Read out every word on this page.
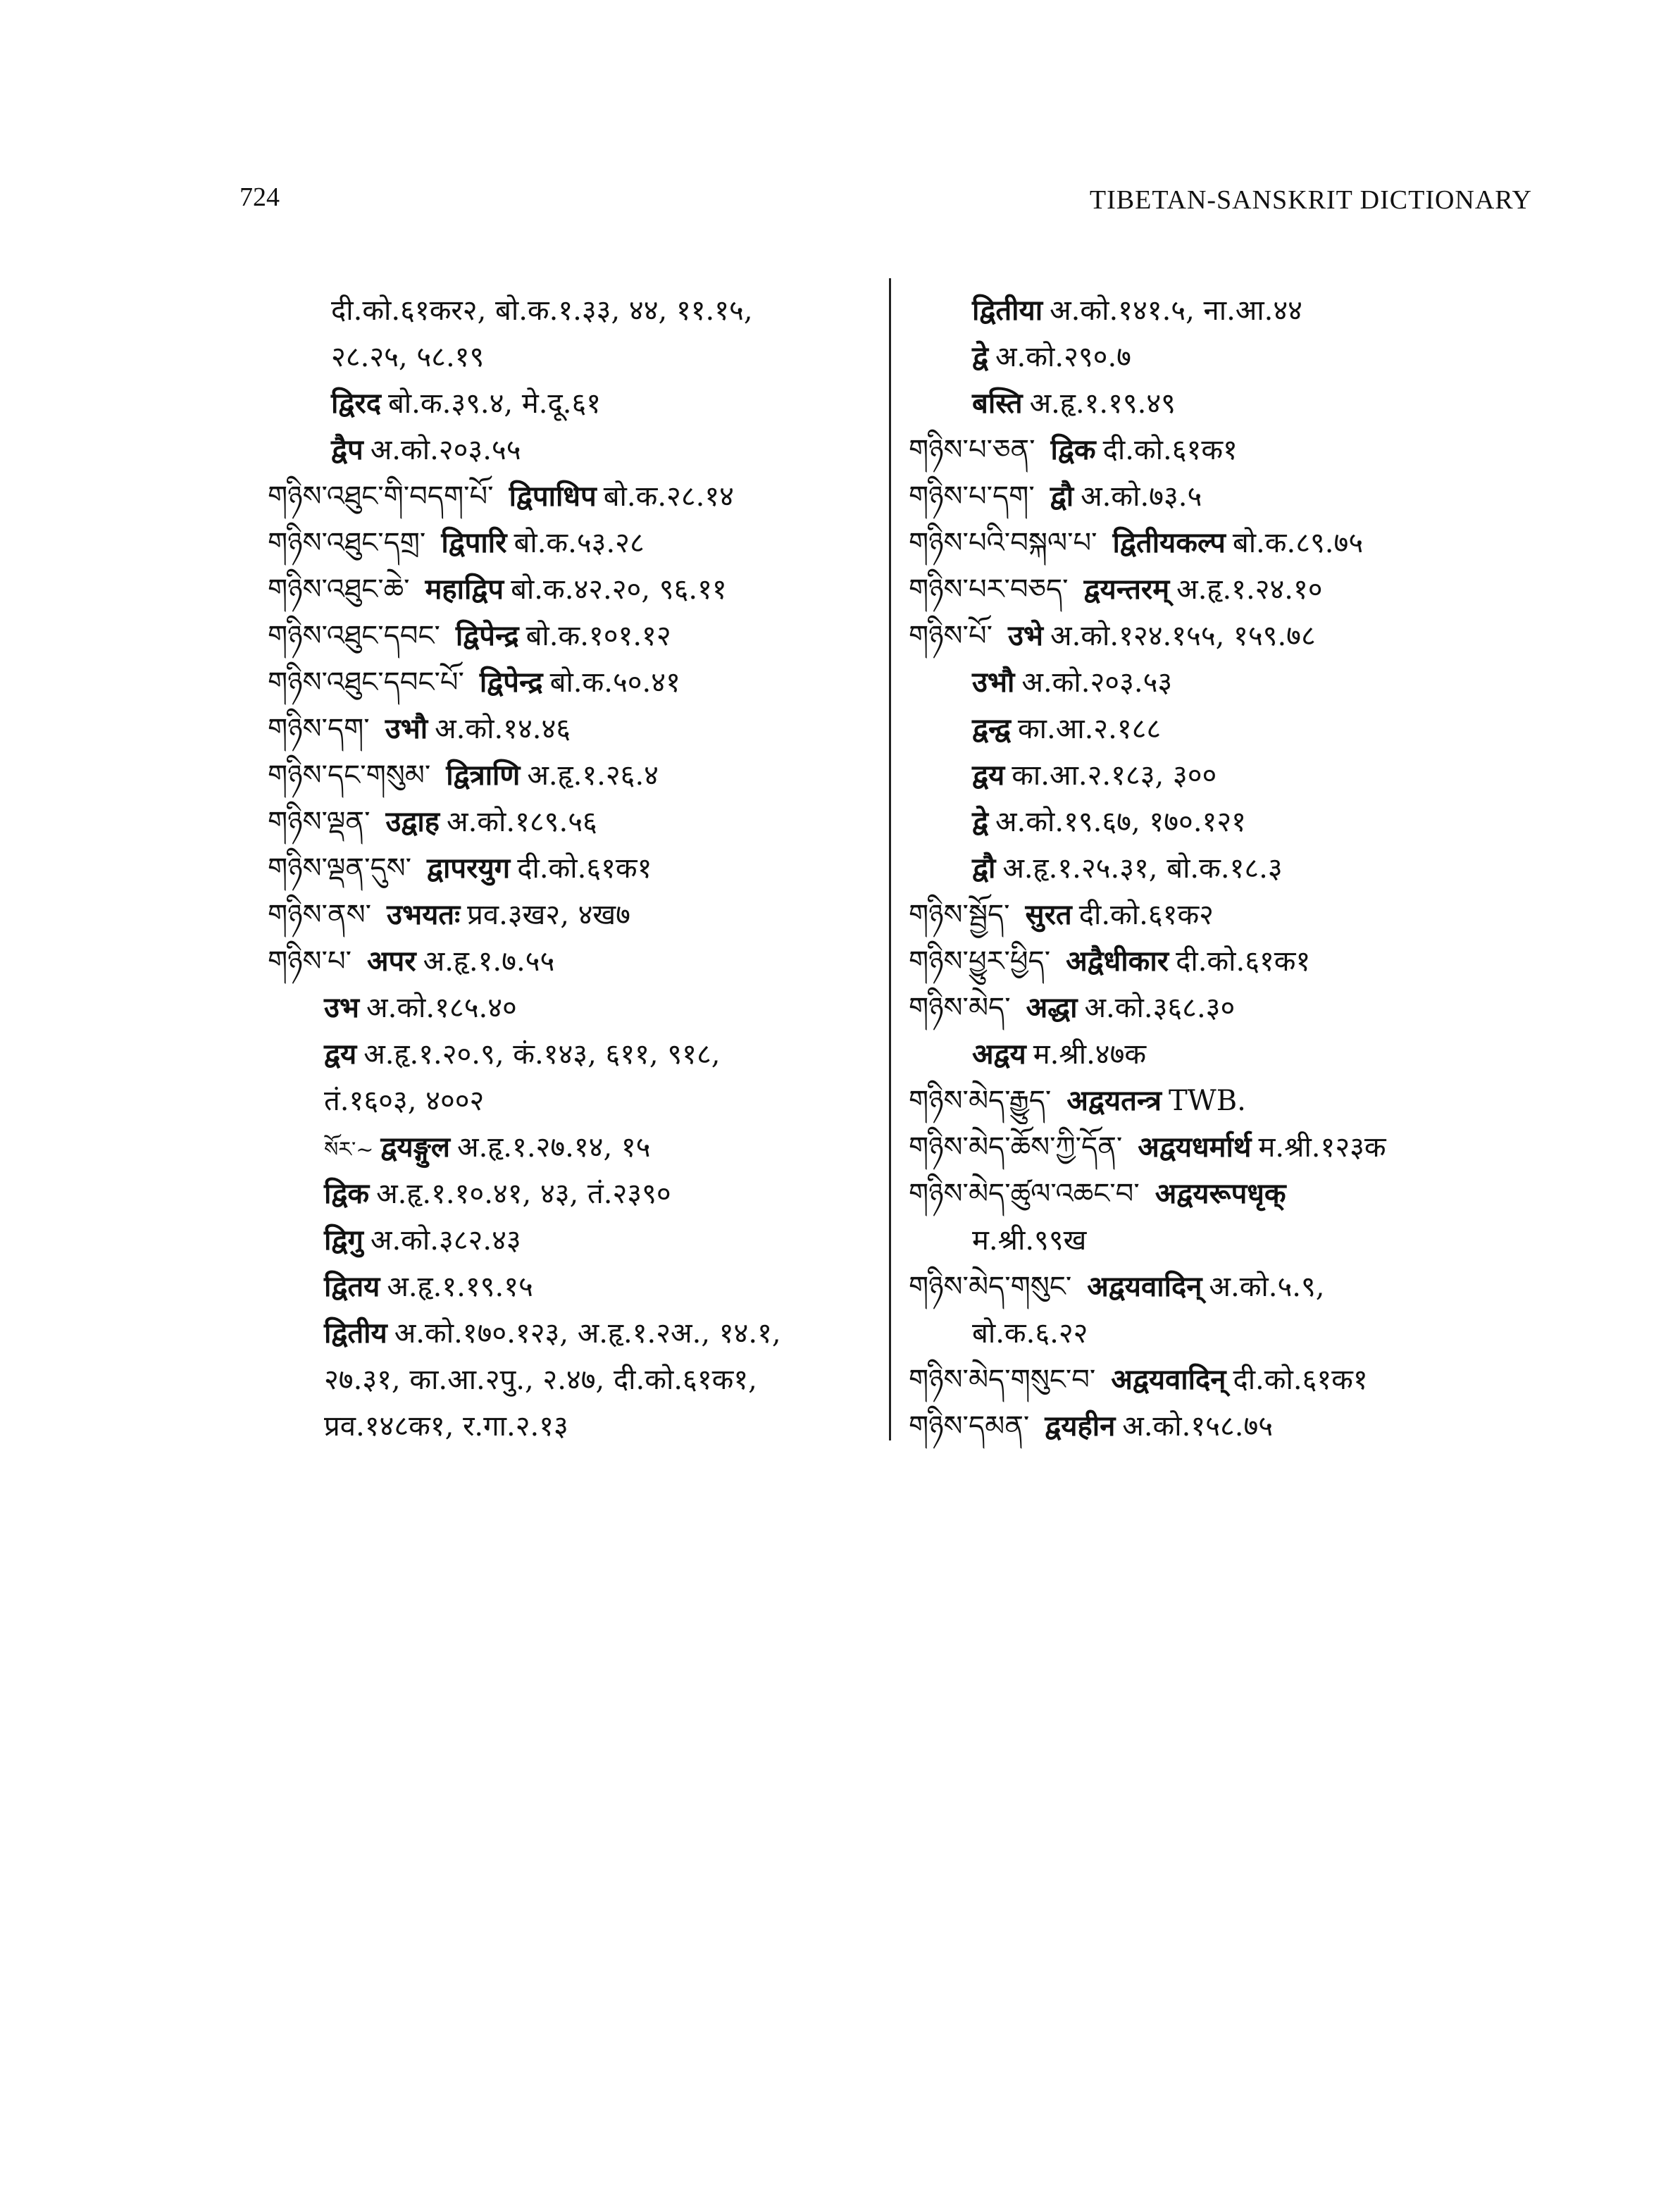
724	TIBETAN-SANSKRIT DICTIONARY
दी.को.६१कर२, बो.क.१.३३, ४४, ११.१५,
२८.२५, ५८.१९
द्विरद बो.क.३९.४, मे.दू.६१
द्वैप अ.को.२०३.५५
གཉིས་འཐུང་གི་བདག་པོ་ द्विपाधिप बो.क.२८.१४
གཉིས་འཐུང་དགྲ་ द्विपारि बो.क.५३.२८
གཉིས་འཐུང་ཆེ་ महाद्विप बो.क.४२.२०, ९६.११
གཉིས་འཐུང་དབང་ द्विपेन्द्र बो.क.१०१.१२
གཉིས་འཐུང་དབང་པོ་ द्विपेन्द्र बो.क.५०.४१
གཉིས་དག་ उभौ अ.को.१४.४६
གཉིས་དང་གསུམ་ द्वित्राणि अ.हृ.१.२६.४
གཉིས་ལྡན་ उद्वाह अ.को.१८९.५६
གཉིས་ལྡན་དུས་ द्वापरयुग दी.को.६१क१
གཉིས་ནས་ उभयतः प्रव.३ख२, ४ख७
གཉིས་པ་ अपर अ.हृ.१.७.५५
उभ अ.को.१८५.४०
द्वय अ.हृ.१.२०.९, कं.१४३, ६११, ९१८,
तं.१६०३, ४००२
སོར་~ द्वयङ्गुल अ.हृ.१.२७.१४, १५
द्विक अ.हृ.१.१०.४१, ४३, तं.२३९०
द्विगु अ.को.३८२.४३
द्वितय अ.हृ.१.१९.१५
द्वितीय अ.को.१७०.१२३, अ.हृ.१.२अ., १४.१,
२७.३१, का.आ.२पु., २.४७, दी.को.६१क१,
प्रव.१४८क१, र.गा.२.१३
द्वितीया अ.को.१४१.५, ना.आ.४४
द्वे अ.को.२९०.७
बस्ति अ.हृ.१.१९.४९
གཉིས་པ་ཅན་ द्विक दी.को.६१क१
གཉིས་པ་དག་ द्वौ अ.को.७३.५
གཉིས་པའི་བསྐལ་པ་ द्वितीयकल्प बो.क.८९.७५
གཉིས་པར་བཅད་ द्वयन्तरम् अ.हृ.१.२४.१०
གཉིས་པོ་ उभे अ.को.१२४.१५५, १५९.७८
उभौ अ.को.२०३.५३
द्वन्द्व का.आ.२.१८८
द्वय का.आ.२.१८३, ३००
द्वे अ.को.१९.६७, १७०.१२१
द्वौ अ.हृ.१.२५.३१, बो.क.१८.३
གཉིས་སྦྱོད་ सुरत दी.को.६१क२
གཉིས་ཕྱུར་ཕྱིད་ अद्वैधीकार दी.को.६१क१
གཉིས་མེད་ अद्धा अ.को.३६८.३०
अद्वय म.श्री.४७क
གཉིས་མེད་རྒྱུད་ अद्वयतन्त्र TWB.
གཉིས་མེད་ཆོས་ཀྱི་དོན་ अद्वयधर्मार्थ म.श्री.१२३क
གཉིས་མེད་ཚུལ་འཆང་བ་ अद्वयरूपधृक्
म.श्री.९९ख
གཉིས་མེད་གསུང་ अद्वयवादिन् अ.को.५.९,
बो.क.६.२२
གཉིས་མེད་གསུང་བ་ अद्वयवादिन् दी.को.६१क१
གཉིས་དམན་ द्वयहीन अ.को.१५८.७५
